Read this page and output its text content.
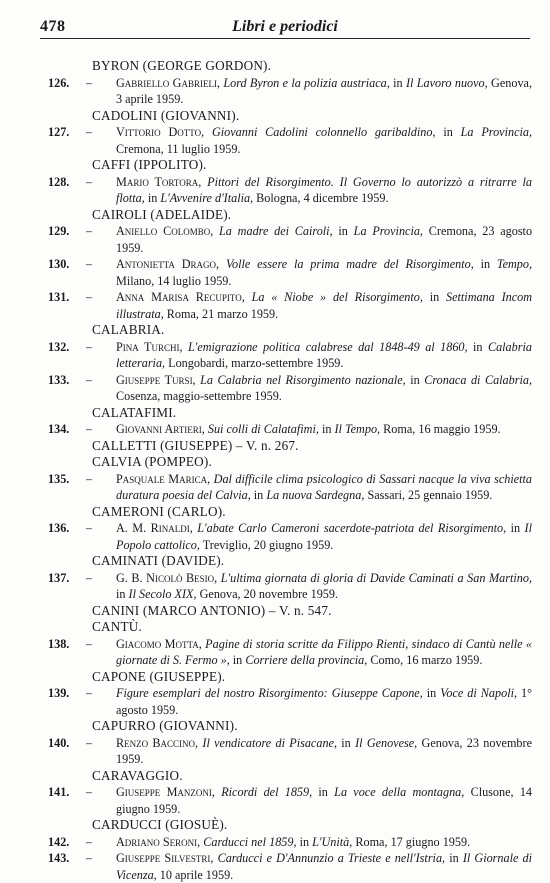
478	Libri e periodici
BYRON (GEORGE GORDON).
126. – Gabriello Gabrieli, Lord Byron e la polizia austriaca, in Il Lavoro nuovo, Genova, 3 aprile 1959.
CADOLINI (GIOVANNI).
127. – Vittorio Dotto, Giovanni Cadolini colonnello garibaldino, in La Provincia, Cremona, 11 luglio 1959.
CAFFI (IPPOLITO).
128. – Mario Tortora, Pittori del Risorgimento. Il Governo lo autorizzò a ritrarre la flotta, in L'Avvenire d'Italia, Bologna, 4 dicembre 1959.
CAIROLI (ADELAIDE).
129. – Aniello Colombo, La madre dei Cairoli, in La Provincia, Cremona, 23 agosto 1959.
130. – Antonietta Drago, Volle essere la prima madre del Risorgimento, in Tempo, Milano, 14 luglio 1959.
131. – Anna Marisa Recupito, La « Niobe » del Risorgimento, in Settimana Incom illustrata, Roma, 21 marzo 1959.
CALABRIA.
132. – Pina Turchi, L'emigrazione politica calabrese dal 1848-49 al 1860, in Calabria letteraria, Longobardi, marzo-settembre 1959.
133. – Giuseppe Tursi, La Calabria nel Risorgimento nazionale, in Cronaca di Calabria, Cosenza, maggio-settembre 1959.
CALATAFIMI.
134. – Giovanni Artieri, Sui colli di Calatafimi, in Il Tempo, Roma, 16 maggio 1959.
CALLETTI (GIUSEPPE) – V. n. 267.
CALVIA (POMPEO).
135. – Pasquale Marica, Dal difficile clima psicologico di Sassari nacque la viva schietta duratura poesia del Calvia, in La nuova Sardegna, Sassari, 25 gennaio 1959.
CAMERONI (CARLO).
136. – A. M. Rinaldi, L'abate Carlo Cameroni sacerdote-patriota del Risorgimento, in Il Popolo cattolico, Treviglio, 20 giugno 1959.
CAMINATI (DAVIDE).
137. – G. B. Nicolò Besio, L'ultima giornata di gloria di Davide Caminati a San Martino, in Il Secolo XIX, Genova, 20 novembre 1959.
CANINI (MARCO ANTONIO) – V. n. 547.
CANTÙ.
138. – Giacomo Motta, Pagine di storia scritte da Filippo Rienti, sindaco di Cantù nelle « giornate di S. Fermo », in Corriere della provincia, Como, 16 marzo 1959.
CAPONE (GIUSEPPE).
139. – Figure esemplari del nostro Risorgimento: Giuseppe Capone, in Voce di Napoli, 1° agosto 1959.
CAPURRO (GIOVANNI).
140. – Renzo Baccino, Il vendicatore di Pisacane, in Il Genovese, Genova, 23 novembre 1959.
CARAVAGGIO.
141. – Giuseppe Manzoni, Ricordi del 1859, in La voce della montagna, Clusone, 14 giugno 1959.
CARDUCCI (GIOSUÈ).
142. – Adriano Seroni, Carducci nel 1859, in L'Unità, Roma, 17 giugno 1959.
143. – Giuseppe Silvestri, Carducci e D'Annunzio a Trieste e nell'Istria, in Il Giornale di Vicenza, 10 aprile 1959.
